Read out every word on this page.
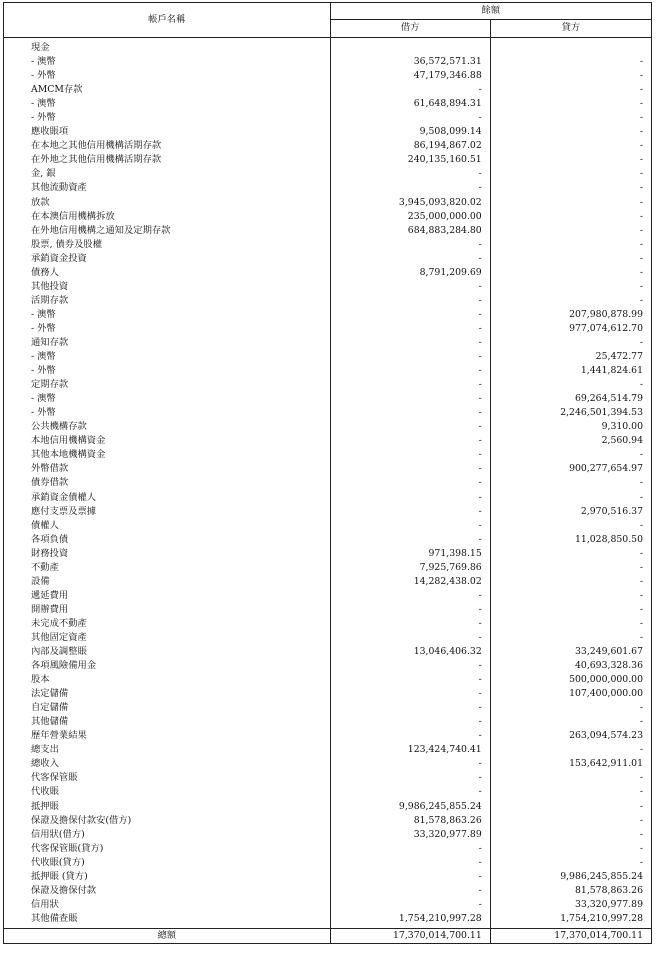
帳戶名稱	餘額	
	借方	貸方
現金		
- 澳幣	36,572,571.31	-
- 外幣	47,179,346.88	-
AMCM存款	-	-
- 澳幣	61,648,894.31	-
- 外幣	-	-
應收賬項	9,508,099.14	-
在本地之其他信用機構活期存款	86,194,867.02	-
在外地之其他信用機構活期存款	240,135,160.51	-
金, 銀	-	-
其他流動資產	-	-
放款	3,945,093,820.02	-
在本澳信用機構拆放	235,000,000.00	-
在外地信用機構之通知及定期存款	684,883,284.80	-
股票, 債券及股權	-	-
承銷資金投資	-	-
債務人	8,791,209.69	-
其他投資	-	-
活期存款	-	-
- 澳幣	-	207,980,878.99
- 外幣	-	977,074,612.70
通知存款	-	-
- 澳幣	-	25,472.77
- 外幣	-	1,441,824.61
定期存款	-	-
- 澳幣	-	69,264,514.79
- 外幣	-	2,246,501,394.53
公共機構存款	-	9,310.00
本地信用機構資金	-	2,560.94
其他本地機構資金	-	-
外幣借款	-	900,277,654.97
債券借款	-	-
承銷資金債權人	-	-
應付支票及票據	-	2,970,516.37
債權人	-	-
各項負債	-	11,028,850.50
財務投資	971,398.15	-
不動產	7,925,769.86	-
設備	14,282,438.02	-
遞延費用	-	-
開辦費用	-	-
未完成不動產	-	-
其他固定資產	-	-
內部及調整賬	13,046,406.32	33,249,601.67
各項風險備用金	-	40,693,328.36
股本	-	500,000,000.00
法定儲備	-	107,400,000.00
自定儲備	-	-
其他儲備	-	-
歷年營業結果	-	263,094,574.23
總支出	123,424,740.41	-
總收入	-	153,642,911.01
代客保管賬	-	-
代收賬	-	-
抵押賬	9,986,245,855.24	-
保證及擔保付款安(借方)	81,578,863.26	-
信用狀(借方)	33,320,977.89	-
代客保管賬(貸方)	-	-
代收賬(貸方)	-	-
抵押賬 (貸方)	-	9,986,245,855.24
保證及擔保付款	-	81,578,863.26
信用狀	-	33,320,977.89
其他備查賬	1,754,210,997.28	1,754,210,997.28
總額	17,370,014,700.11	17,370,014,700.11
